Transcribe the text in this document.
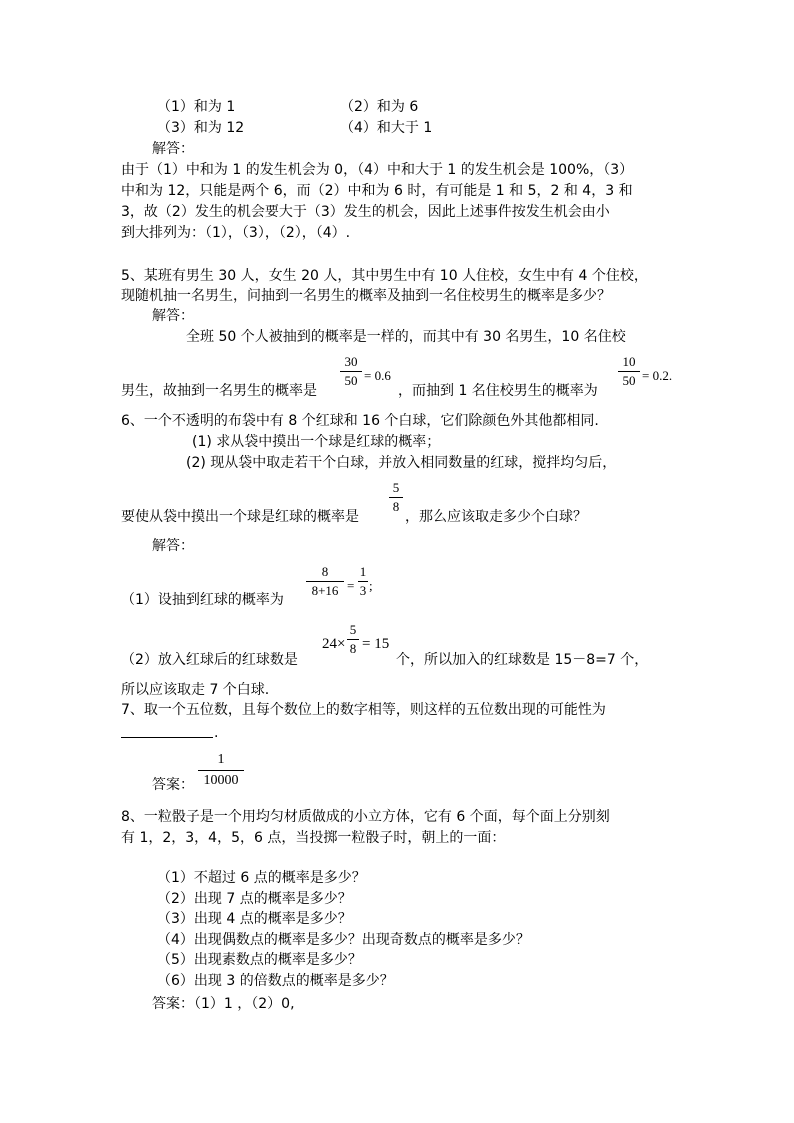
（1）和为 1	（2）和为 6
（3）和为 12	（4）和大于 1
解答：
由于（1）中和为 1 的发生机会为 0，（4）中和大于 1 的发生机会是 100%，（3）
中和为 12，只能是两个 6，而（2）中和为 6 时，有可能是 1 和 5，2 和 4，3 和
3，故（2）发生的机会要大于（3）发生的机会，因此上述事件按发生机会由小
到大排列为：（1），（3），（2），（4）.
5、某班有男生 30 人，女生 20 人，其中男生中有 10 人住校，女生中有 4 个住校，
现随机抽一名男生，问抽到一名男生的概率及抽到一名住校男生的概率是多少？
解答：
全班 50 个人被抽到的概率是一样的，而其中有 30 名男生，10 名住校
男生，故抽到一名男生的概率是
30
50 = 0.6
，而抽到 1 名住校男生的概率为
10
50 = 0.2.
6、一个不透明的布袋中有 8 个红球和 16 个白球，它们除颜色外其他都相同.
(1) 求从袋中摸出一个球是红球的概率；
(2) 现从袋中取走若干个白球，并放入相同数量的红球，搅拌均匀后，
要使从袋中摸出一个球是红球的概率是
5
8
，那么应该取走多少个白球？
解答：
（1）设抽到红球的概率为
8
8+16 =
1
3 ;
（2）放入红球后的红球数是
24×
5
8 = 15
个，所以加入的红球数是 15－8=7 个，
所以应该取走 7 个白球.
7、取一个五位数，且每个数位上的数字相等，则这样的五位数出现的可能性为
.
答案：
1
10000
8、一粒骰子是一个用均匀材质做成的小立方体，它有 6 个面，每个面上分别刻
有 1，2，3，4，5，6 点，当投掷一粒骰子时，朝上的一面：
（1）不超过 6 点的概率是多少？
（2）出现 7 点的概率是多少？
（3）出现 4 点的概率是多少？
（4）出现偶数点的概率是多少？出现奇数点的概率是多少？
（5）出现素数点的概率是多少？
（6）出现 3 的倍数点的概率是多少？
答案：（1）1 ，（2）0,
